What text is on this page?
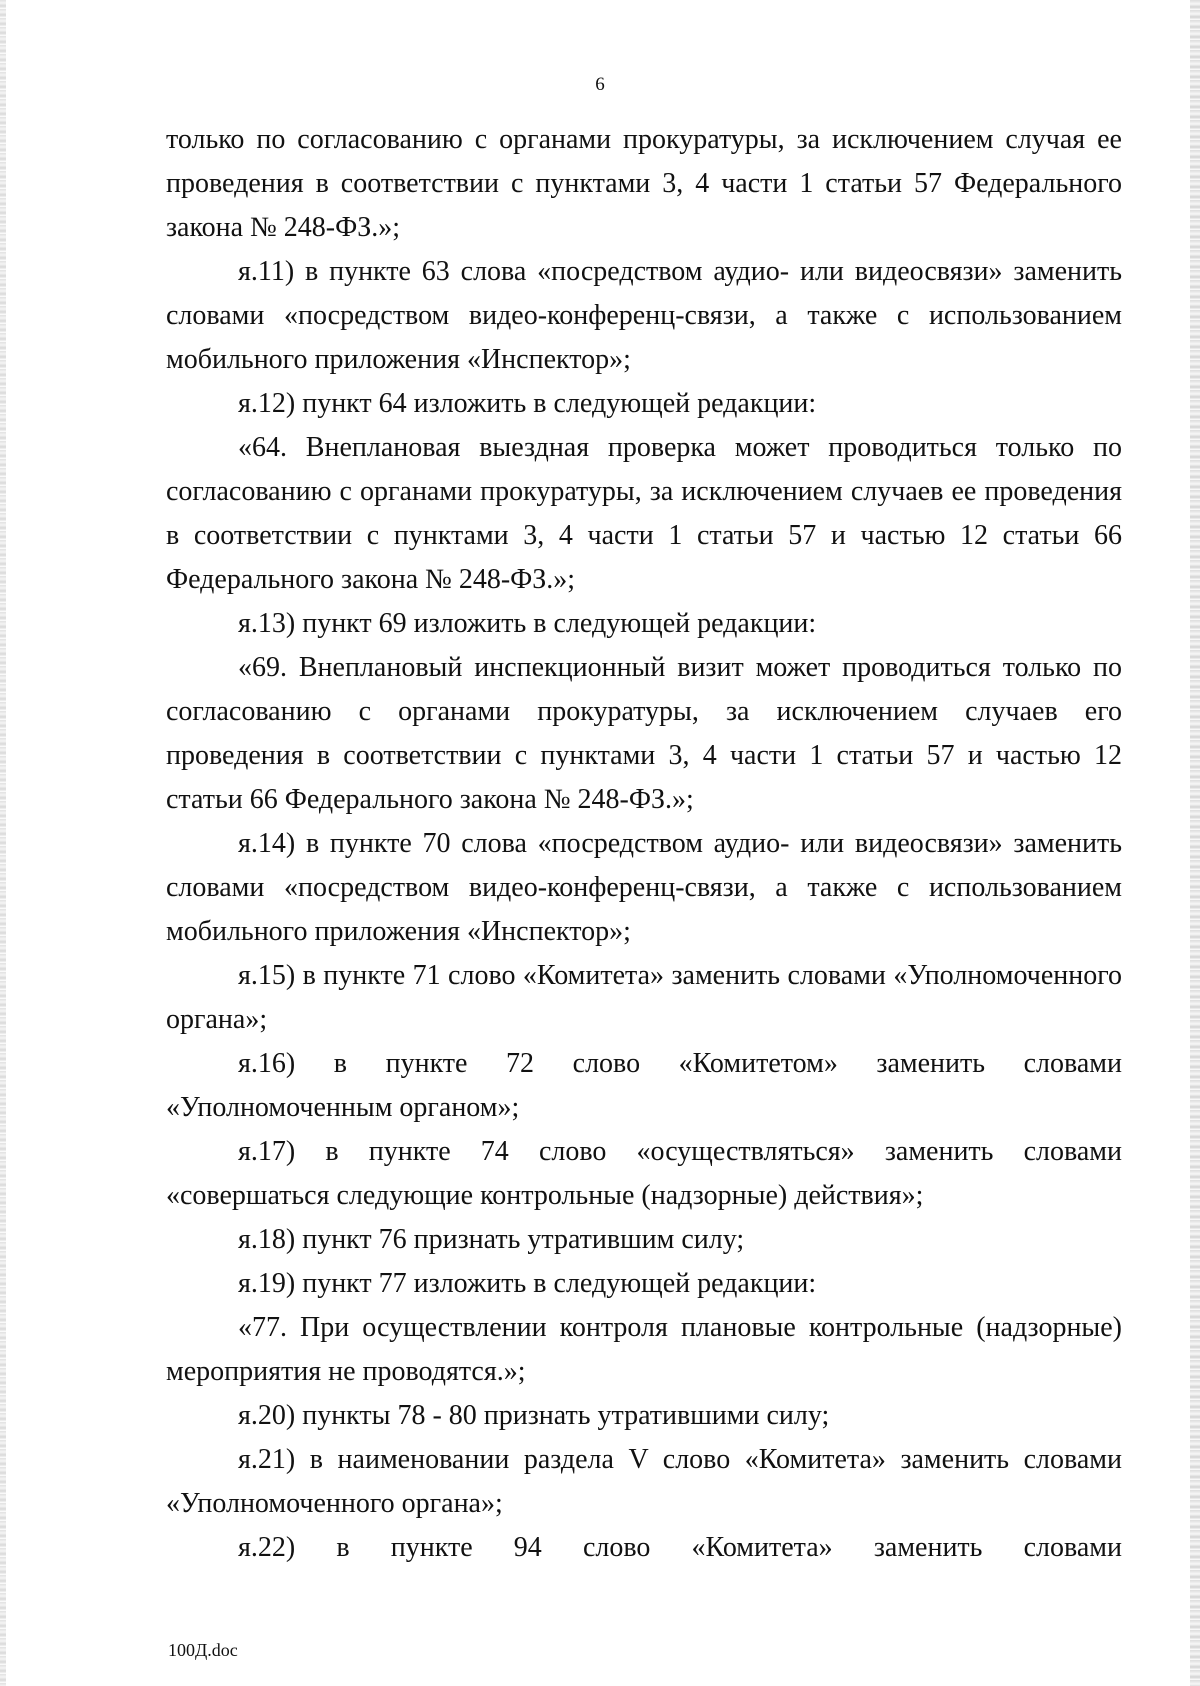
6

только по согласованию с органами прокуратуры, за исключением случая ее проведения в соответствии с пунктами 3, 4 части 1 статьи 57 Федерального закона № 248-ФЗ.»;

я.11) в пункте 63 слова «посредством аудио- или видеосвязи» заменить словами «посредством видео-конференц-связи, а также с использованием мобильного приложения «Инспектор»;

я.12) пункт 64 изложить в следующей редакции:

«64. Внеплановая выездная проверка может проводиться только по согласованию с органами прокуратуры, за исключением случаев ее проведения в соответствии с пунктами 3, 4 части 1 статьи 57 и частью 12 статьи 66 Федерального закона № 248-ФЗ.»;

я.13) пункт 69 изложить в следующей редакции:

«69. Внеплановый инспекционный визит может проводиться только по согласованию с органами прокуратуры, за исключением случаев его проведения в соответствии с пунктами 3, 4 части 1 статьи 57 и частью 12 статьи 66 Федерального закона № 248-ФЗ.»;

я.14) в пункте 70 слова «посредством аудио- или видеосвязи» заменить словами «посредством видео-конференц-связи, а также с использованием мобильного приложения «Инспектор»;

я.15) в пункте 71 слово «Комитета» заменить словами «Уполномоченного органа»;

я.16) в пункте 72 слово «Комитетом» заменить словами «Уполномоченным органом»;

я.17) в пункте 74 слово «осуществляться» заменить словами «совершаться следующие контрольные (надзорные) действия»;

я.18) пункт 76 признать утратившим силу;

я.19) пункт 77 изложить в следующей редакции:

«77. При осуществлении контроля плановые контрольные (надзорные) мероприятия не проводятся.»;

я.20) пункты 78 - 80 признать утратившими силу;

я.21) в наименовании раздела V слово «Комитета» заменить словами «Уполномоченного органа»;

я.22) в пункте 94 слово «Комитета» заменить словами

100Д.doc
